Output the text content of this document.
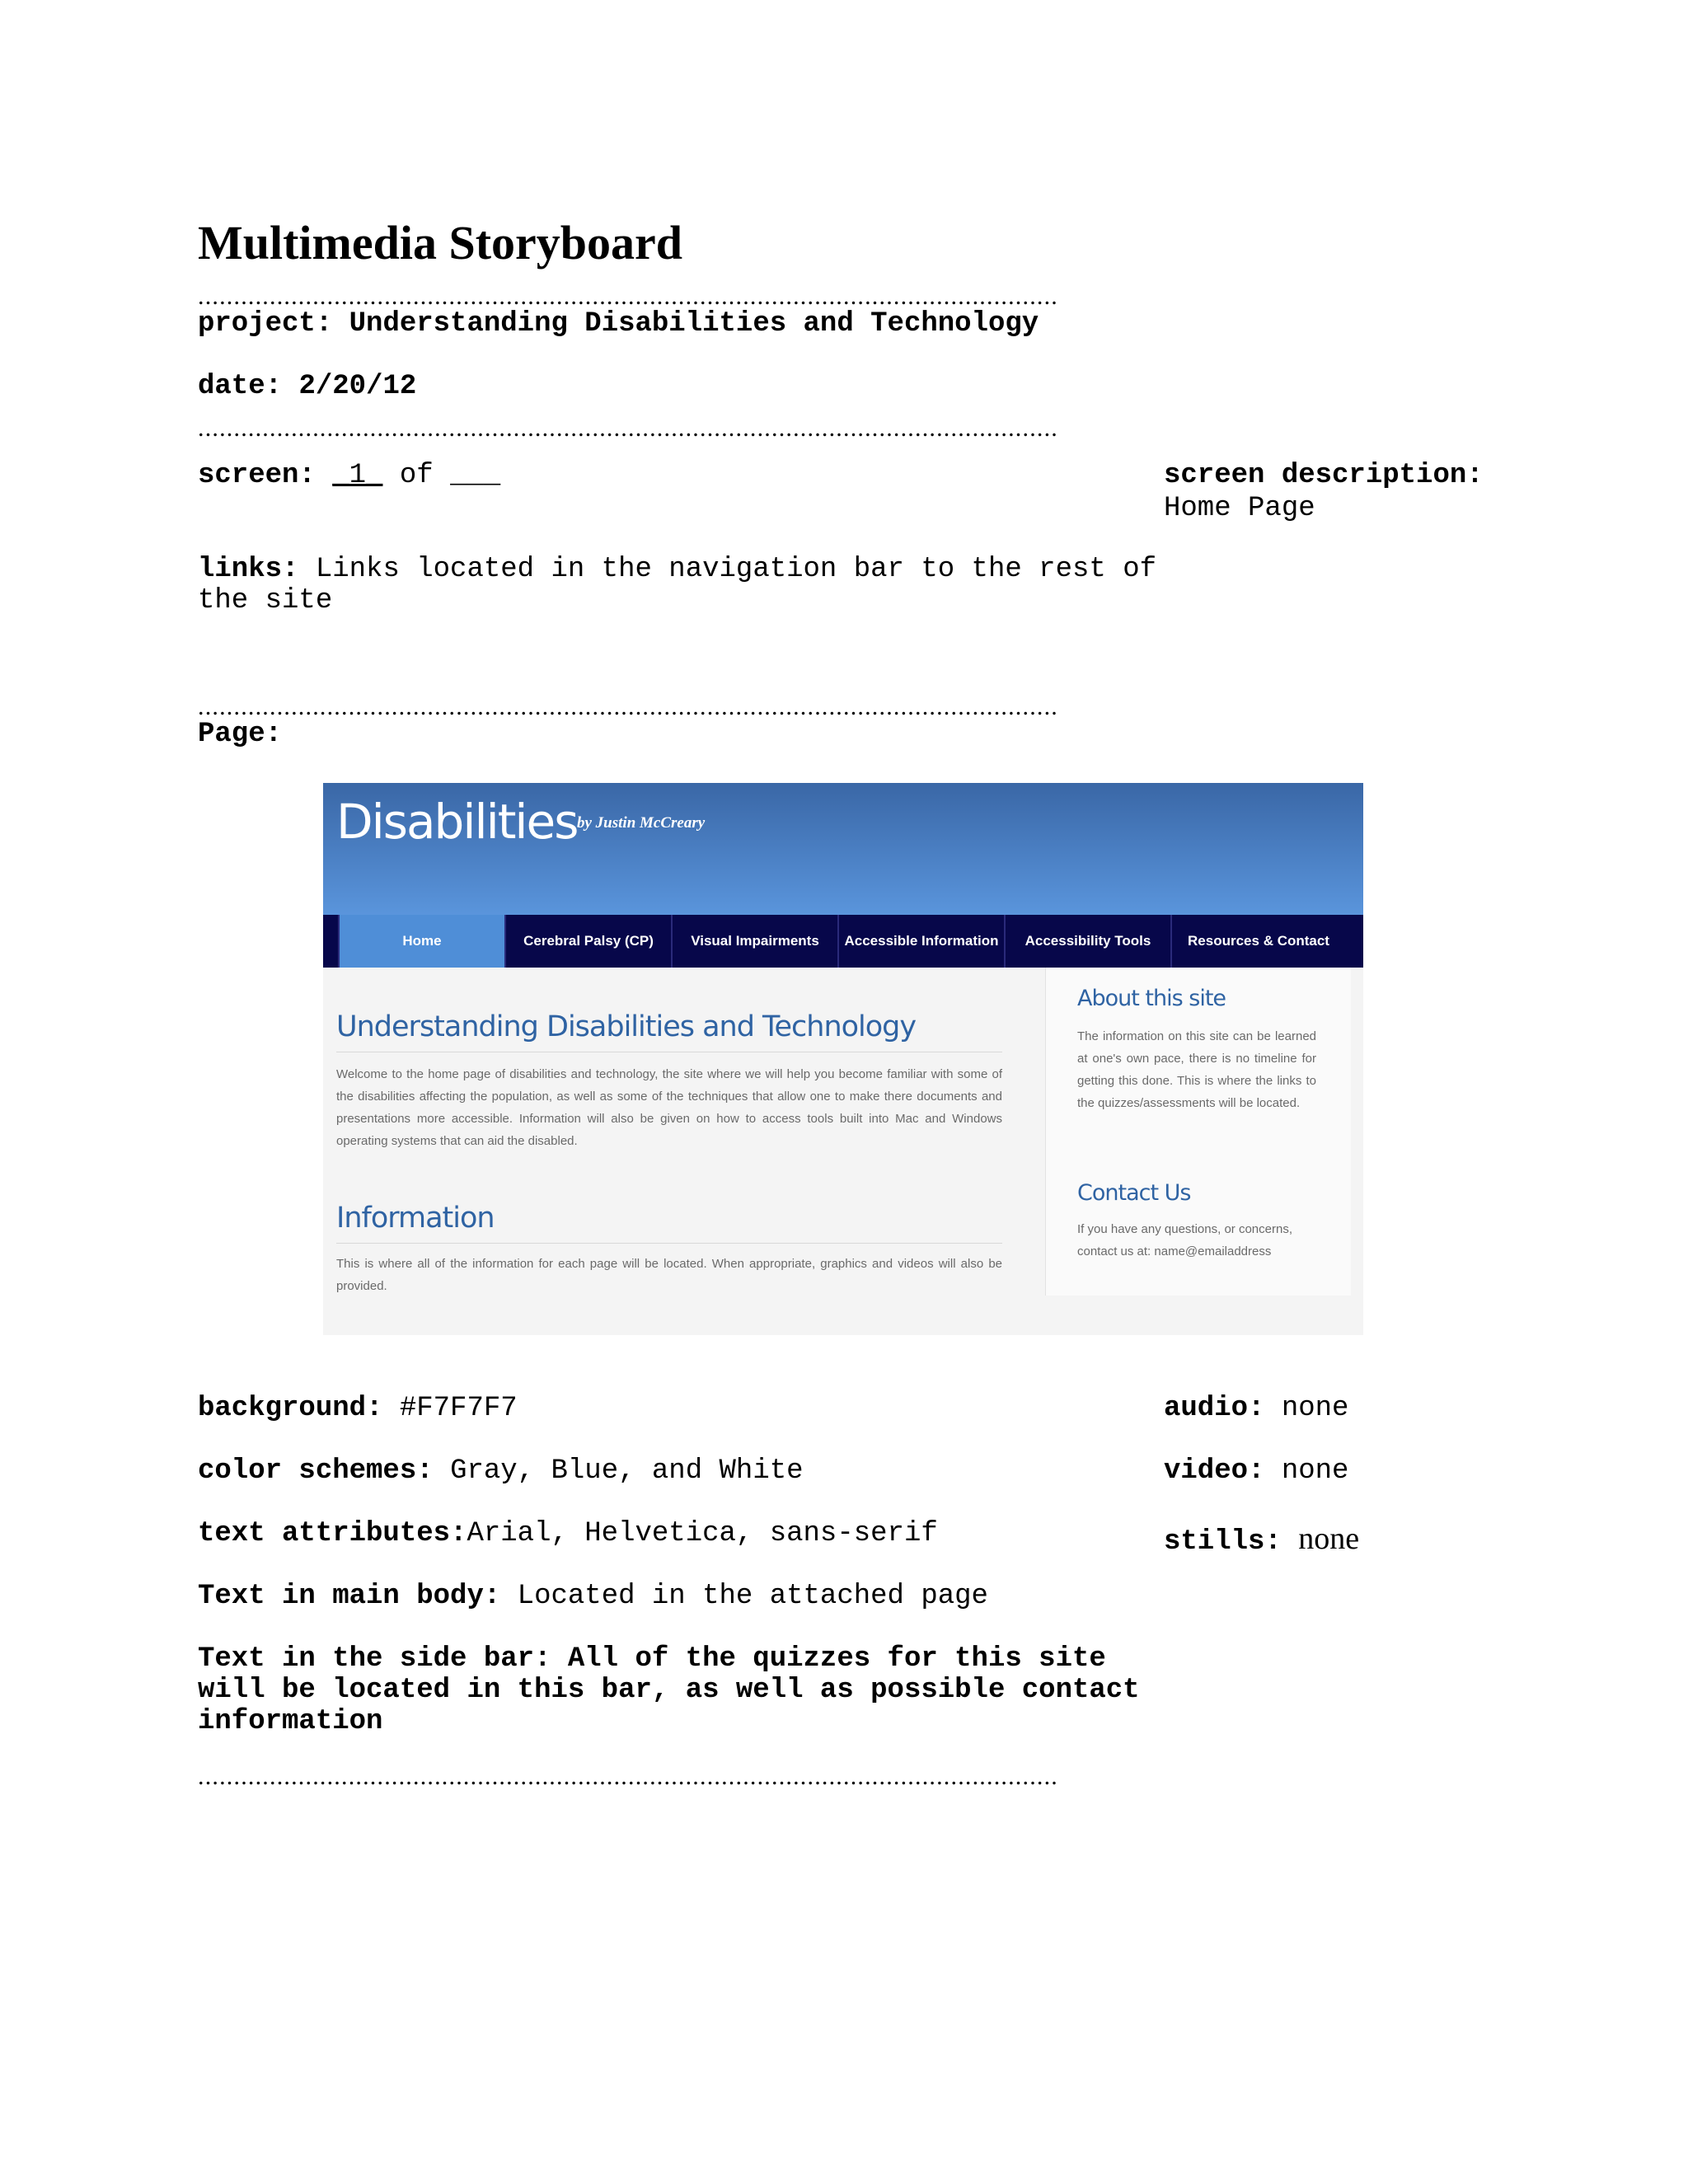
Multimedia Storyboard
........................................................................................................................
project: Understanding Disabilities and Technology
date: 2/20/12
........................................................................................................................
screen: _1_ of ___	screen description:
Home Page
links: Links located in the navigation bar to the rest of
the site
........................................................................................................................
Page:
Disabilities by Justin McCreary
Home	Cerebral Palsy (CP)	Visual Impairments	Accessible Information	Accessibility Tools	Resources & Contact
Understanding Disabilities and Technology
Welcome to the home page of disabilities and technology, the site where we will help you become familiar with some of the disabilities affecting the population, as well as some of the techniques that allow one to make there documents and presentations more accessible. Information will also be given on how to access tools built into Mac and Windows operating systems that can aid the disabled.
Information
This is where all of the information for each page will be located. When appropriate, graphics and videos will also be provided.
About this site
The information on this site can be learned at one's own pace, there is no timeline for getting this done. This is where the links to the quizzes/assessments will be located.
Contact Us
If you have any questions, or concerns, contact us at: name@emailaddress
background: #F7F7F7
color schemes: Gray, Blue, and White
text attributes:Arial, Helvetica, sans-serif
Text in main body: Located in the attached page
Text in the side bar: All of the quizzes for this site
will be located in this bar, as well as possible contact
information
audio: none
video: none
stills: none
........................................................................................................................
